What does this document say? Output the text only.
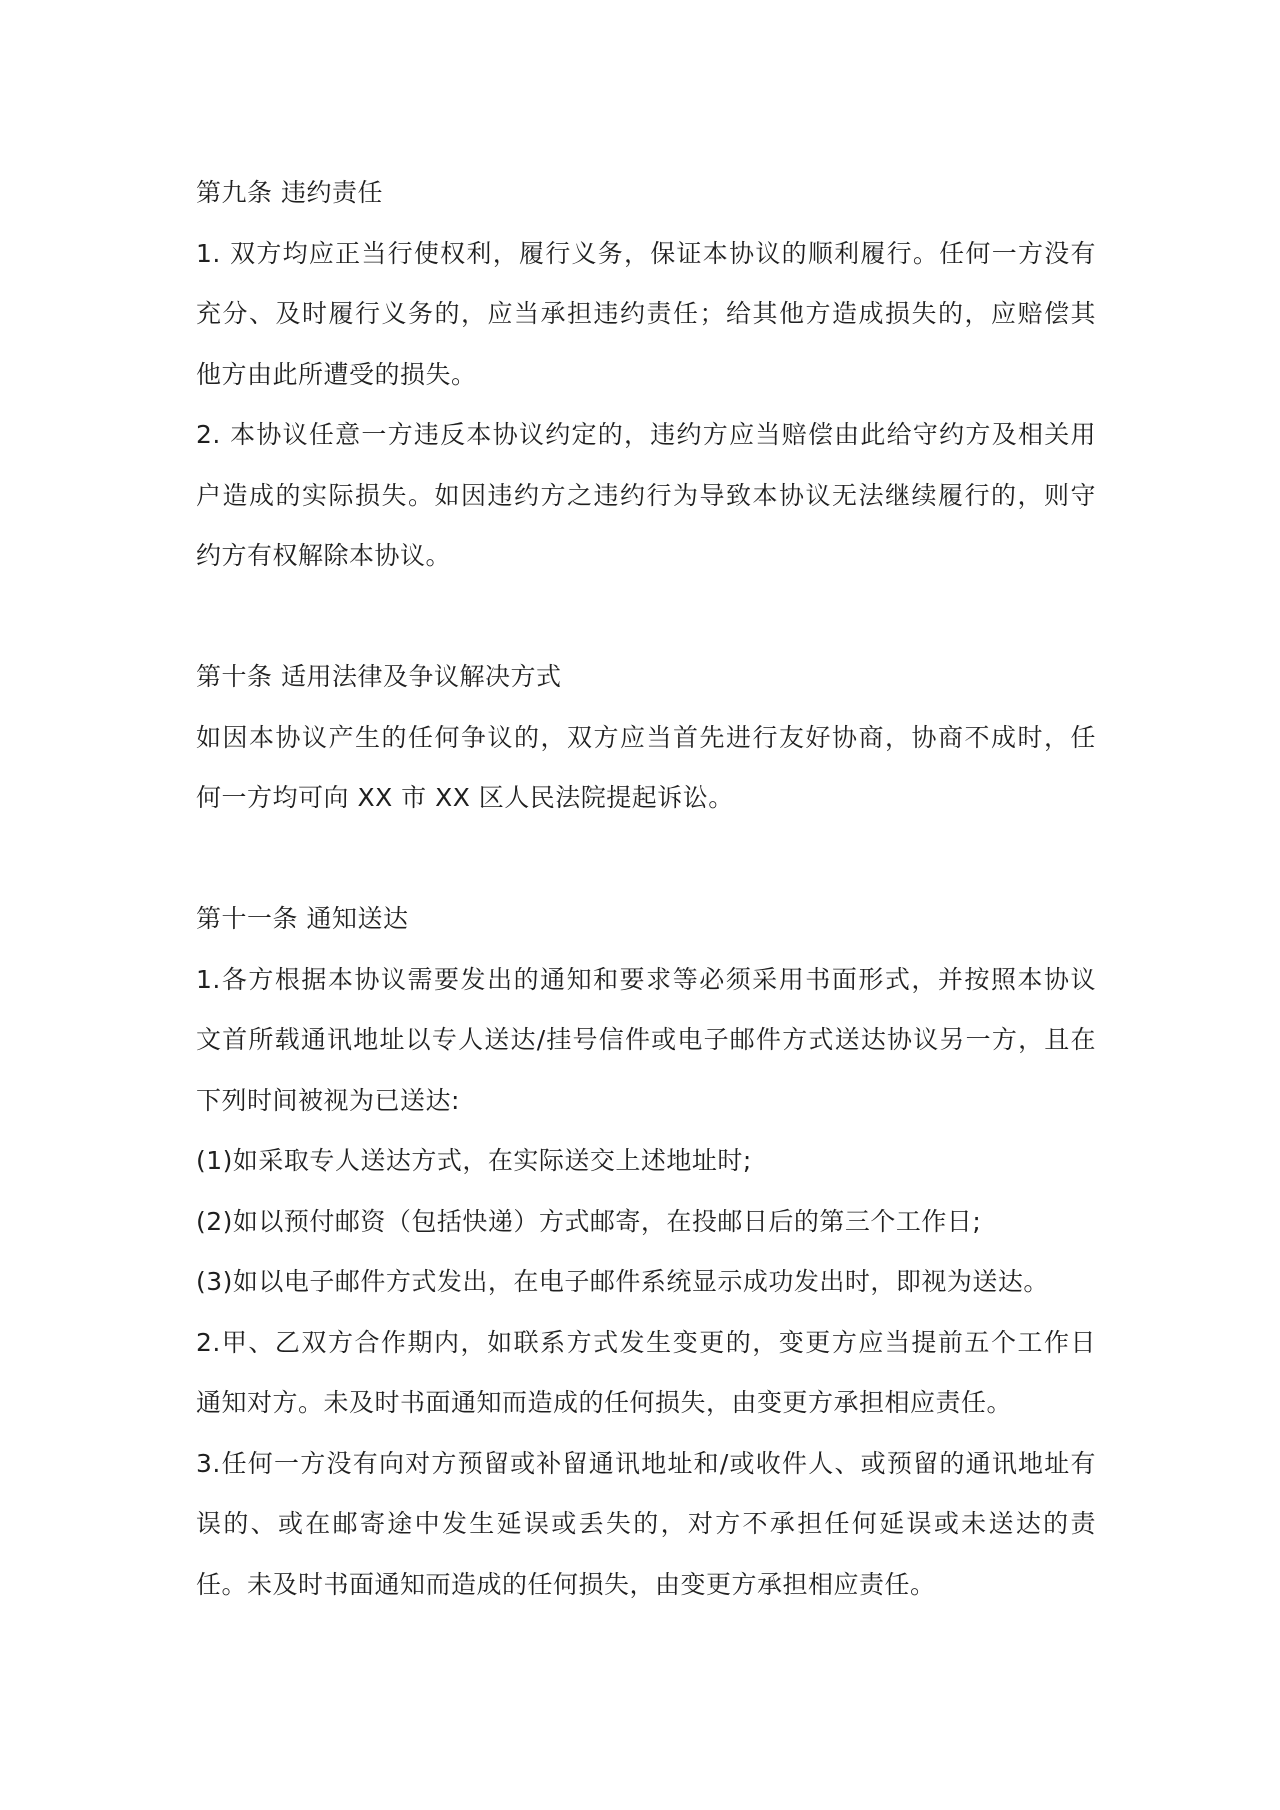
第九条 违约责任
1. 双方均应正当行使权利，履行义务，保证本协议的顺利履行。任何一方没有
充分、及时履行义务的，应当承担违约责任；给其他方造成损失的，应赔偿其
他方由此所遭受的损失。
2. 本协议任意一方违反本协议约定的，违约方应当赔偿由此给守约方及相关用
户造成的实际损失。如因违约方之违约行为导致本协议无法继续履行的，则守
约方有权解除本协议。
第十条 适用法律及争议解决方式
如因本协议产生的任何争议的，双方应当首先进行友好协商，协商不成时，任
何一方均可向 XX 市 XX 区人民法院提起诉讼。
第十一条 通知送达
1.各方根据本协议需要发出的通知和要求等必须采用书面形式，并按照本协议
文首所载通讯地址以专人送达/挂号信件或电子邮件方式送达协议另一方，且在
下列时间被视为已送达:
(1)如采取专人送达方式，在实际送交上述地址时;
(2)如以预付邮资（包括快递）方式邮寄，在投邮日后的第三个工作日;
(3)如以电子邮件方式发出，在电子邮件系统显示成功发出时，即视为送达。
2.甲、乙双方合作期内，如联系方式发生变更的，变更方应当提前五个工作日
通知对方。未及时书面通知而造成的任何损失，由变更方承担相应责任。
3.任何一方没有向对方预留或补留通讯地址和/或收件人、或预留的通讯地址有
误的、或在邮寄途中发生延误或丢失的，对方不承担任何延误或未送达的责
任。未及时书面通知而造成的任何损失，由变更方承担相应责任。
